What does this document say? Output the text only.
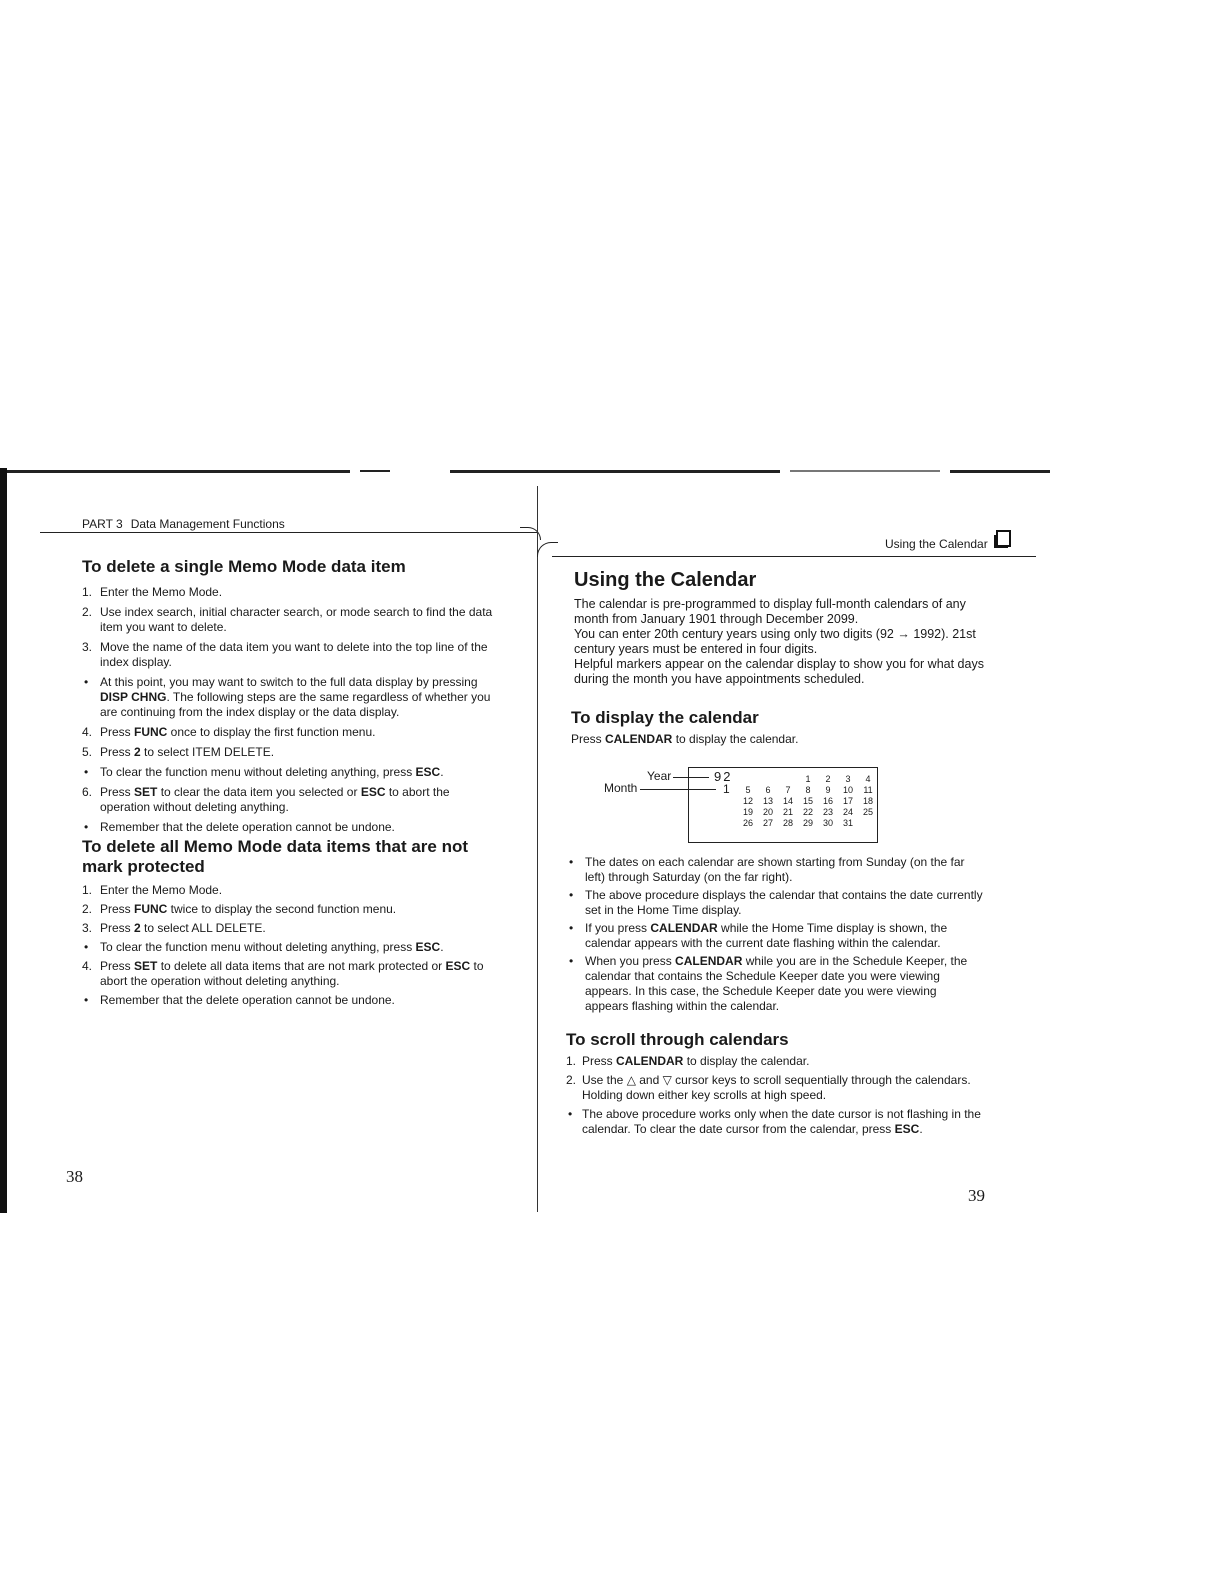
PART 3 Data Management Functions
To delete a single Memo Mode data item
1. Enter the Memo Mode.
2. Use index search, initial character search, or mode search to find the data item you want to delete.
3. Move the name of the data item you want to delete into the top line of the index display.
• At this point, you may want to switch to the full data display by pressing DISP CHNG. The following steps are the same regardless of whether you are continuing from the index display or the data display.
4. Press FUNC once to display the first function menu.
5. Press 2 to select ITEM DELETE.
• To clear the function menu without deleting anything, press ESC.
6. Press SET to clear the data item you selected or ESC to abort the operation without deleting anything.
• Remember that the delete operation cannot be undone.
To delete all Memo Mode data items that are not mark protected
1. Enter the Memo Mode.
2. Press FUNC twice to display the second function menu.
3. Press 2 to select ALL DELETE.
• To clear the function menu without deleting anything, press ESC.
4. Press SET to delete all data items that are not mark protected or ESC to abort the operation without deleting anything.
• Remember that the delete operation cannot be undone.
38
Using the Calendar
Using the Calendar

The calendar is pre-programmed to display full-month calendars of any month from January 1901 through December 2099.

You can enter 20th century years using only two digits (92 → 1992). 21st century years must be entered in four digits.

Helpful markers appear on the calendar display to show you for what days during the month you have appointments scheduled.

To display the calendar

Press CALENDAR to display the calendar.

Year
Month
92
1
			1	2	3	4
5	6	7	8	9	10	11
12	13	14	15	16	17	18
19	20	21	22	23	24	25
26	27	28	29	30	31	
• The dates on each calendar are shown starting from Sunday (on the far left) through Saturday (on the far right).
• The above procedure displays the calendar that contains the date currently set in the Home Time display.
• If you press CALENDAR while the Home Time display is shown, the calendar appears with the current date flashing within the calendar.
• When you press CALENDAR while you are in the Schedule Keeper, the calendar that contains the Schedule Keeper date you were viewing appears. In this case, the Schedule Keeper date you were viewing appears flashing within the calendar.
To scroll through calendars
1. Press CALENDAR to display the calendar.
2. Use the △ and ▽ cursor keys to scroll sequentially through the calendars. Holding down either key scrolls at high speed.
• The above procedure works only when the date cursor is not flashing in the calendar. To clear the date cursor from the calendar, press ESC.
39
